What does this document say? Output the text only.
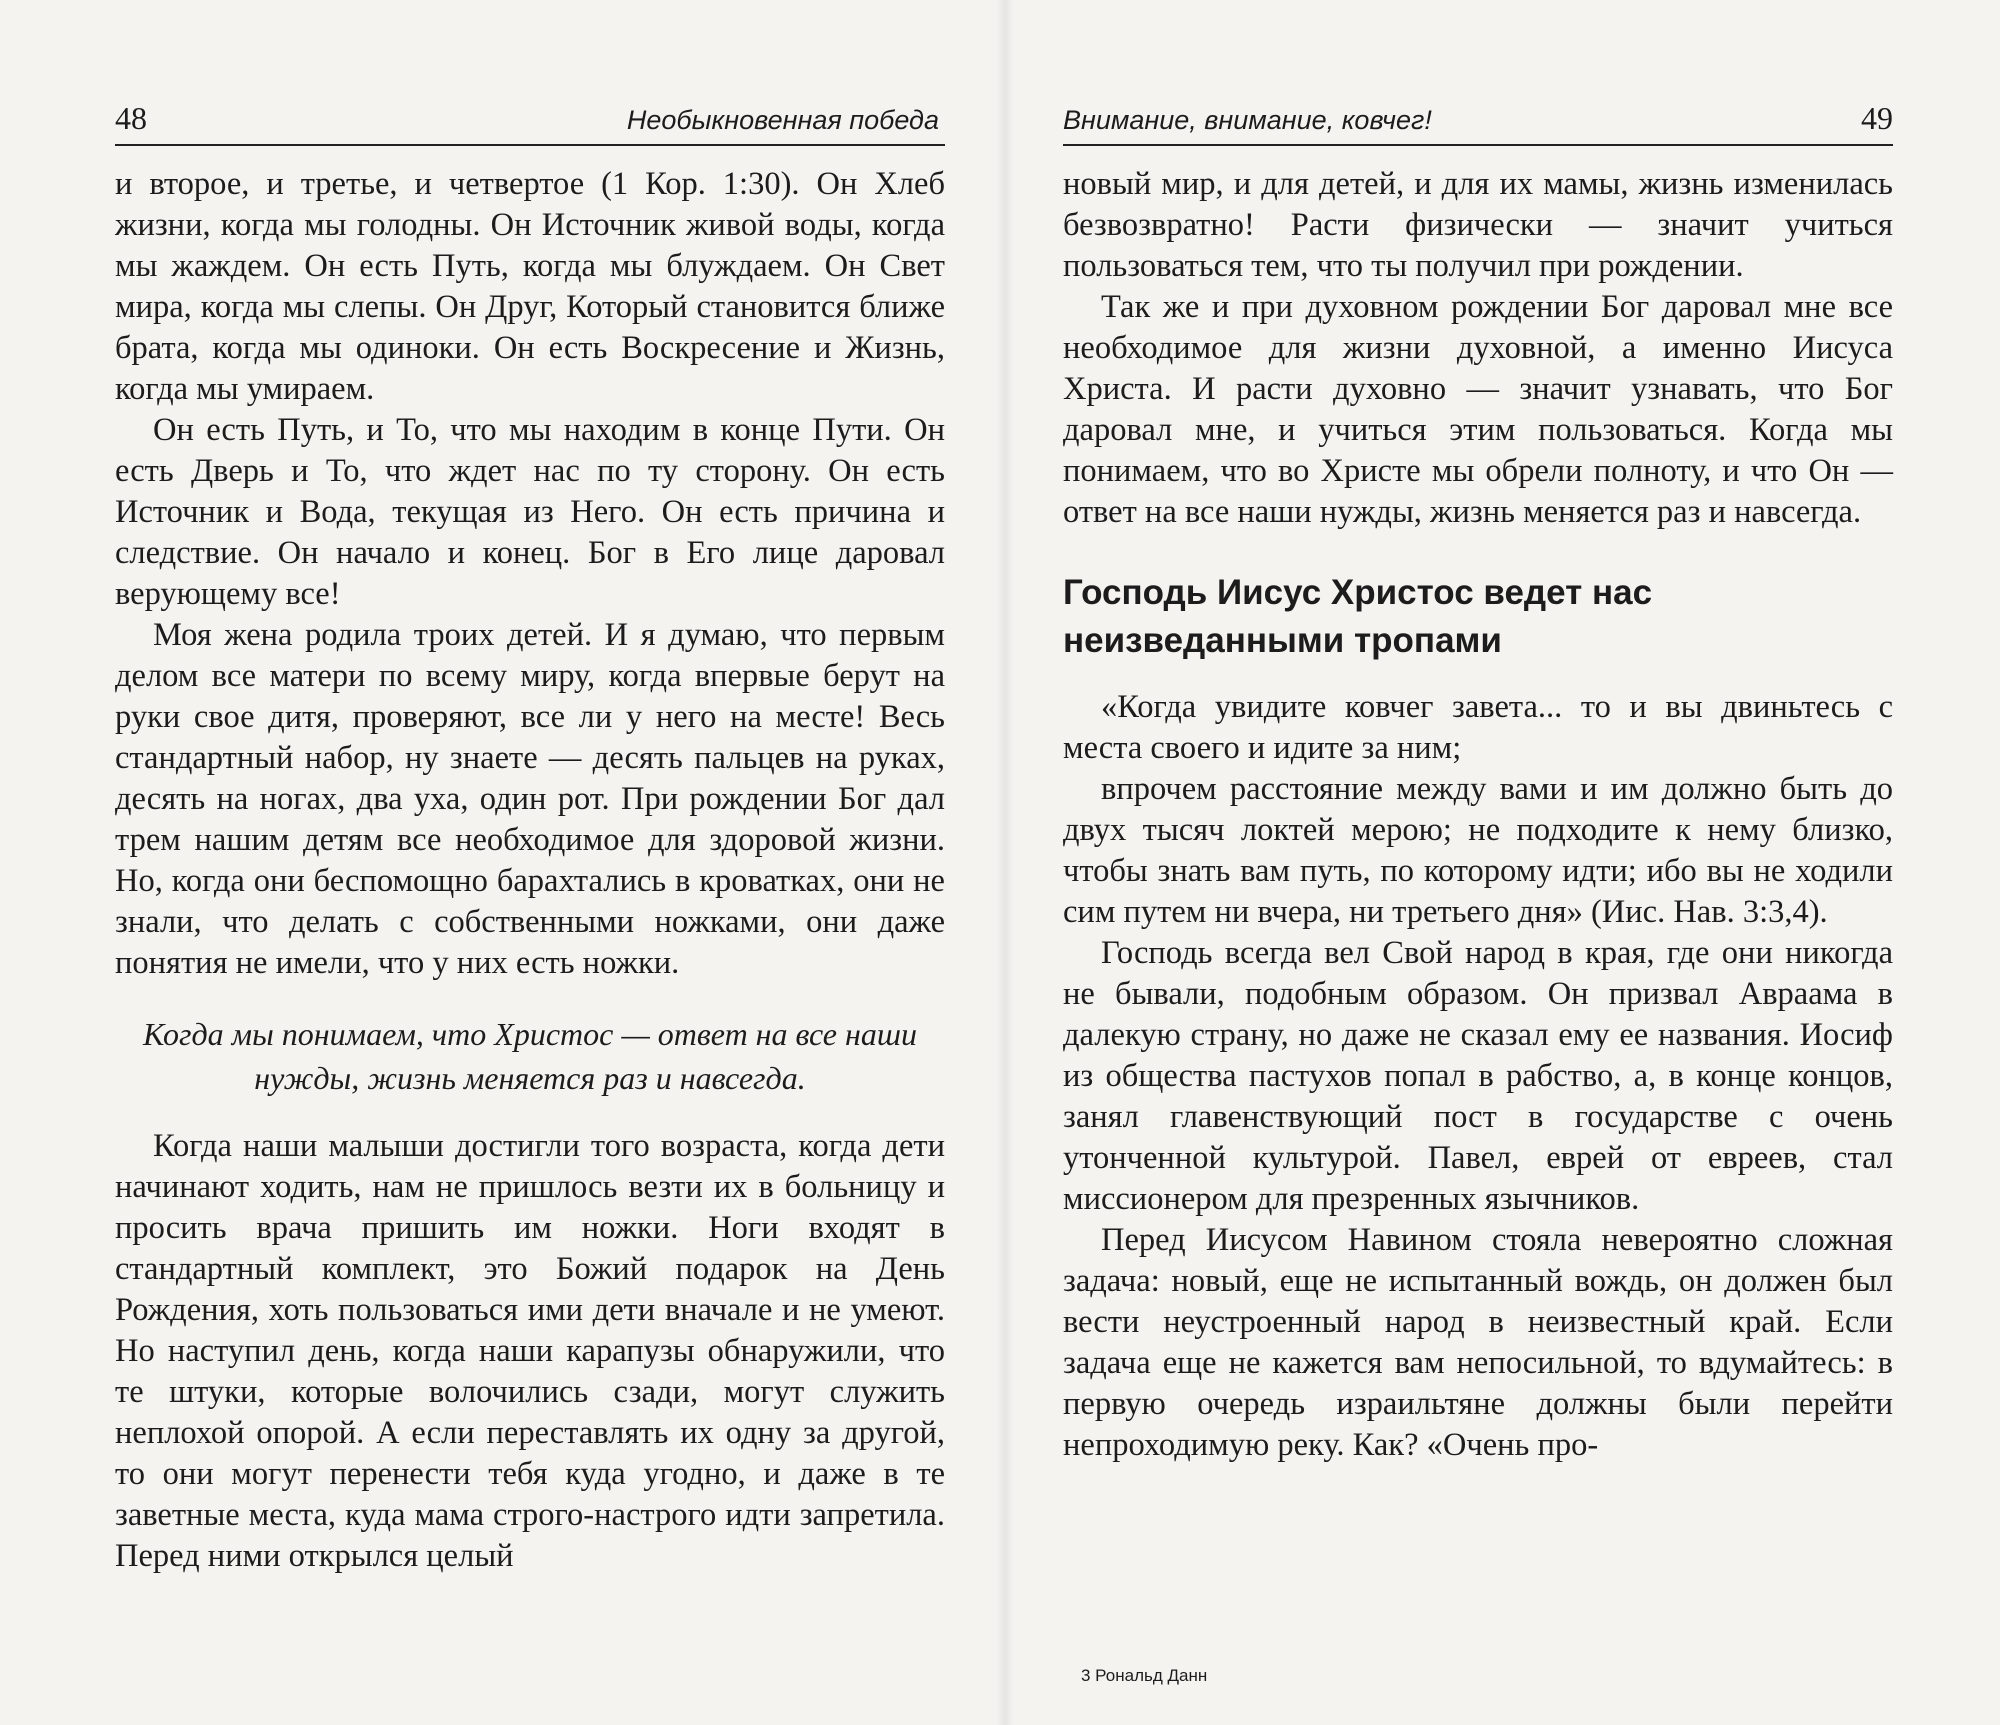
48	Необыкновенная победа

и второе, и третье, и четвертое (1 Кор. 1:30). Он Хлеб жизни, когда мы голодны. Он Источник живой воды, когда мы жаждем. Он есть Путь, когда мы блуждаем. Он Свет мира, когда мы слепы. Он Друг, Который становится ближе брата, когда мы одиноки. Он есть Воскресение и Жизнь, когда мы умираем.

Он есть Путь, и То, что мы находим в конце Пути. Он есть Дверь и То, что ждет нас по ту сторону. Он есть Источник и Вода, текущая из Него. Он есть причина и следствие. Он начало и конец. Бог в Его лице даровал верующему все!

Моя жена родила троих детей. И я думаю, что первым делом все матери по всему миру, когда впервые берут на руки свое дитя, проверяют, все ли у него на месте! Весь стандартный набор, ну знаете — десять пальцев на руках, десять на ногах, два уха, один рот. При рождении Бог дал трем нашим детям все необходимое для здоровой жизни. Но, когда они беспомощно барахтались в кроватках, они не знали, что делать с собственными ножками, они даже понятия не имели, что у них есть ножки.

Когда мы понимаем, что Христос — ответ на все наши
нужды, жизнь меняется раз и навсегда.

Когда наши малыши достигли того возраста, когда дети начинают ходить, нам не пришлось везти их в больницу и просить врача пришить им ножки. Ноги входят в стандартный комплект, это Божий подарок на День Рождения, хоть пользоваться ими дети вначале и не умеют. Но наступил день, когда наши карапузы обнаружили, что те штуки, которые волочились сзади, могут служить неплохой опорой. А если переставлять их одну за другой, то они могут перенести тебя куда угодно, и даже в те заветные места, куда мама строго-настрого идти запретила. Перед ними открылся целый

Внимание, внимание, ковчег!	49

новый мир, и для детей, и для их мамы, жизнь изменилась безвозвратно! Расти физически — значит учиться пользоваться тем, что ты получил при рождении.

Так же и при духовном рождении Бог даровал мне все необходимое для жизни духовной, а именно Иисуса Христа. И расти духовно — значит узнавать, что Бог даровал мне, и учиться этим пользоваться. Когда мы понимаем, что во Христе мы обрели полноту, и что Он — ответ на все наши нужды, жизнь меняется раз и навсегда.

Господь Иисус Христос ведет нас неизведанными тропами

«Когда увидите ковчег завета... то и вы двиньтесь с места своего и идите за ним;

впрочем расстояние между вами и им должно быть до двух тысяч локтей мерою; не подходите к нему близко, чтобы знать вам путь, по которому идти; ибо вы не ходили сим путем ни вчера, ни третьего дня» (Иис. Нав. 3:3,4).

Господь всегда вел Свой народ в края, где они никогда не бывали, подобным образом. Он призвал Авраама в далекую страну, но даже не сказал ему ее названия. Иосиф из общества пастухов попал в рабство, а, в конце концов, занял главенствующий пост в государстве с очень утонченной культурой. Павел, еврей от евреев, стал миссионером для презренных язычников.

Перед Иисусом Навином стояла невероятно сложная задача: новый, еще не испытанный вождь, он должен был вести неустроенный народ в неизвестный край. Если задача еще не кажется вам непосильной, то вдумайтесь: в первую очередь израильтяне должны были перейти непроходимую реку. Как? «Очень про-

3 Рональд Данн
